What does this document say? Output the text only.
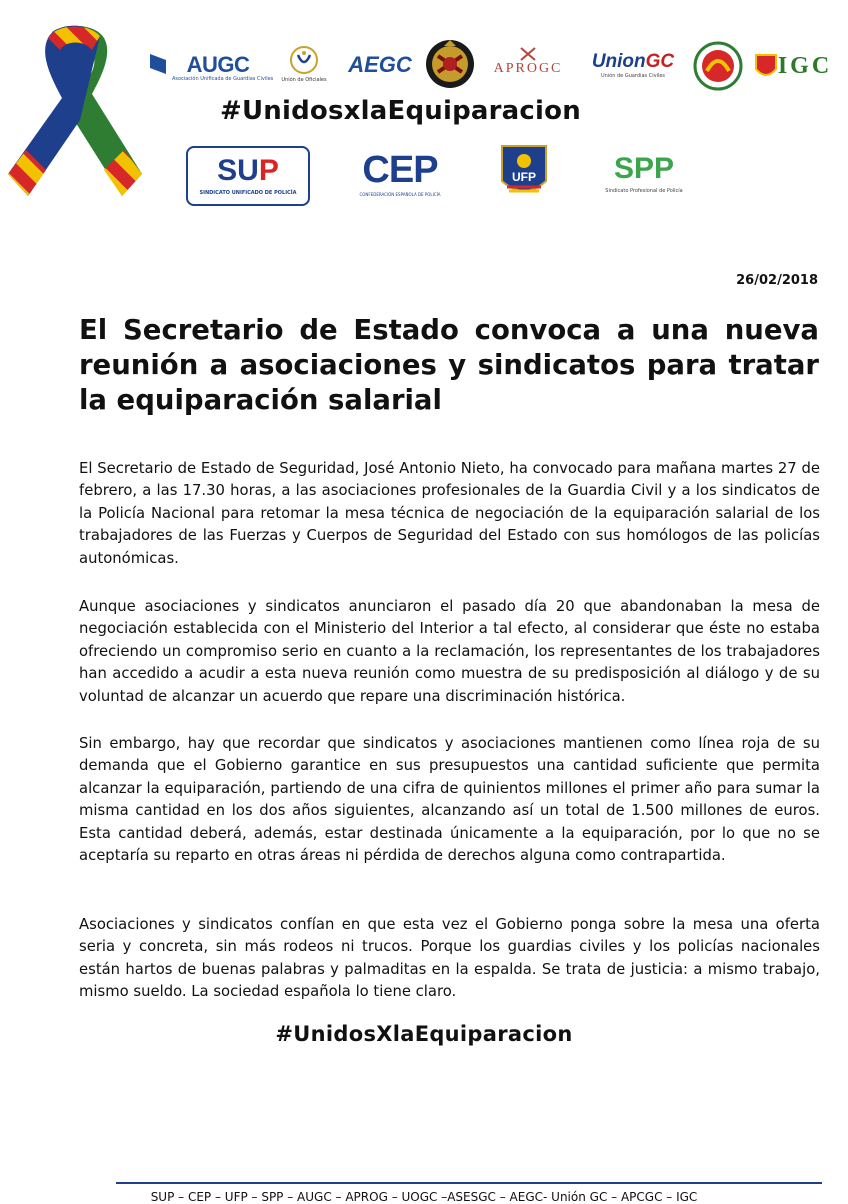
AUGC
Asociación Unificada de Guardias Civiles Unión de Oficiales
AEGC	APROGC UnionGC
Unión de Guardias Civiles	IGC
#UnidosxlaEquiparacion
SUP
SINDICATO UNIFICADO DE POLICÍA
CEP
CONFEDERACIÓN ESPAÑOLA DE POLICÍA
UFP	SPP
Sindicato Profesional de Policía
26/02/2018
El Secretario de Estado convoca a una nueva reunión a asociaciones y sindicatos para tratar la equiparación salarial

El Secretario de Estado de Seguridad, José Antonio Nieto, ha convocado para mañana martes 27 de febrero, a las 17.30 horas, a las asociaciones profesionales de la Guardia Civil y a los sindicatos de la Policía Nacional para retomar la mesa técnica de negociación de la equiparación salarial de los trabajadores de las Fuerzas y Cuerpos de Seguridad del Estado con sus homólogos de las policías autonómicas.

Aunque asociaciones y sindicatos anunciaron el pasado día 20 que abandonaban la mesa de negociación establecida con el Ministerio del Interior a tal efecto, al considerar que éste no estaba ofreciendo un compromiso serio en cuanto a la reclamación, los representantes de los trabajadores han accedido a acudir a esta nueva reunión como muestra de su predisposición al diálogo y de su voluntad de alcanzar un acuerdo que repare una discriminación histórica.

Sin embargo, hay que recordar que sindicatos y asociaciones mantienen como línea roja de su demanda que el Gobierno garantice en sus presupuestos una cantidad suficiente que permita alcanzar la equiparación, partiendo de una cifra de quinientos millones el primer año para sumar la misma cantidad en los dos años siguientes, alcanzando así un total de 1.500 millones de euros. Esta cantidad deberá, además, estar destinada únicamente a la equiparación, por lo que no se aceptaría su reparto en otras áreas ni pérdida de derechos alguna como contrapartida.

Asociaciones y sindicatos confían en que esta vez el Gobierno ponga sobre la mesa una oferta seria y concreta, sin más rodeos ni trucos. Porque los guardias civiles y los policías nacionales están hartos de buenas palabras y palmaditas en la espalda. Se trata de justicia: a mismo trabajo, mismo sueldo. La sociedad española lo tiene claro.

#UnidosXlaEquiparacion
SUP – CEP – UFP – SPP – AUGC – APROG – UOGC –ASESGC – AEGC- Unión GC – APCGC – IGC
